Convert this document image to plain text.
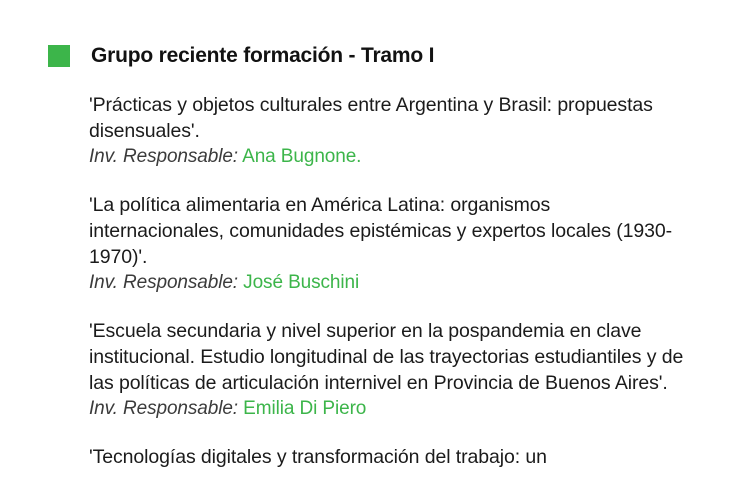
Grupo reciente formación - Tramo I
'Prácticas y objetos culturales entre Argentina y Brasil: propuestas disensuales'.
Inv. Responsable: Ana Bugnone.
'La política alimentaria en América Latina: organismos internacionales, comunidades epistémicas y expertos locales (1930-1970)'.
Inv. Responsable: José Buschini
'Escuela secundaria y nivel superior en la pospandemia en clave institucional. Estudio longitudinal de las trayectorias estudiantiles y de las políticas de articulación internivel en Provincia de Buenos Aires'.
Inv. Responsable: Emilia Di Piero
'Tecnologías digitales y transformación del trabajo: un
